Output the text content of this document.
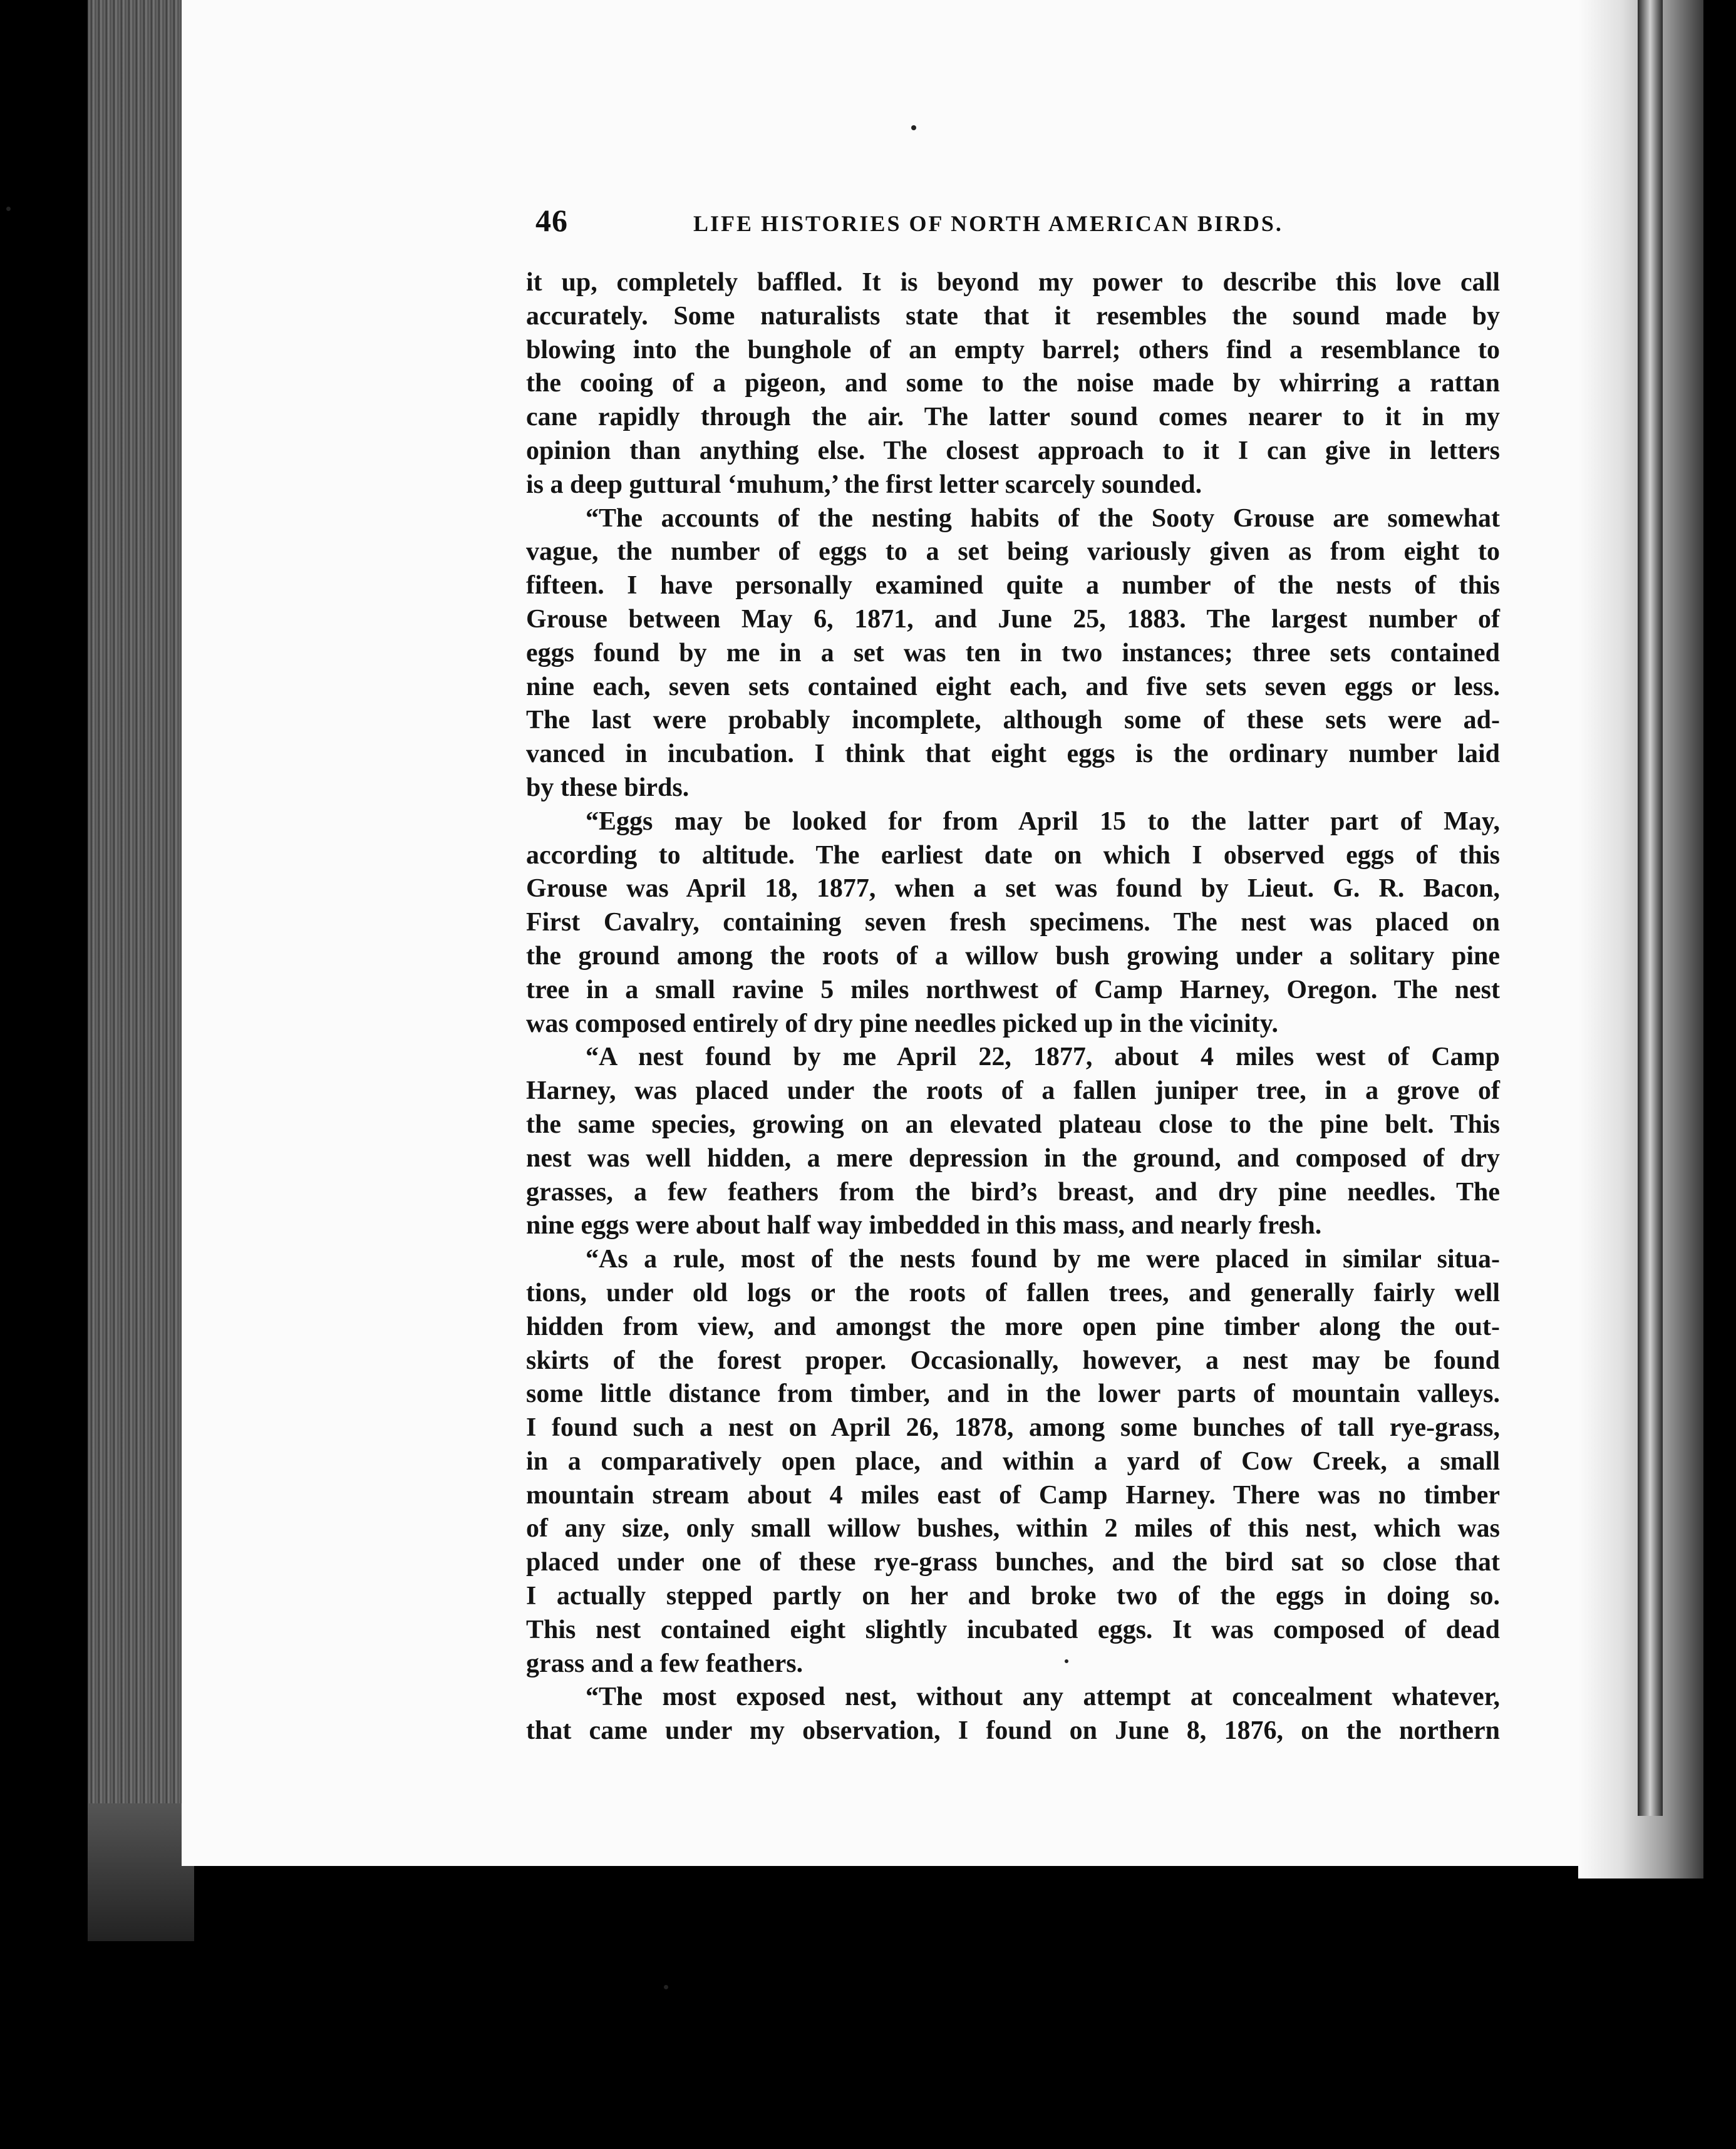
46	LIFE HISTORIES OF NORTH AMERICAN BIRDS.
it up, completely baffled. It is beyond my power to describe this love call
accurately. Some naturalists state that it resembles the sound made by
blowing into the bunghole of an empty barrel; others find a resemblance to
the cooing of a pigeon, and some to the noise made by whirring a rattan
cane rapidly through the air. The latter sound comes nearer to it in my
opinion than anything else. The closest approach to it I can give in letters
is a deep guttural ‘muhum,’ the first letter scarcely sounded.
“The accounts of the nesting habits of the Sooty Grouse are somewhat
vague, the number of eggs to a set being variously given as from eight to
fifteen. I have personally examined quite a number of the nests of this
Grouse between May 6, 1871, and June 25, 1883. The largest number of
eggs found by me in a set was ten in two instances; three sets contained
nine each, seven sets contained eight each, and five sets seven eggs or less.
The last were probably incomplete, although some of these sets were ad-
vanced in incubation. I think that eight eggs is the ordinary number laid
by these birds.
“Eggs may be looked for from April 15 to the latter part of May,
according to altitude. The earliest date on which I observed eggs of this
Grouse was April 18, 1877, when a set was found by Lieut. G. R. Bacon,
First Cavalry, containing seven fresh specimens. The nest was placed on
the ground among the roots of a willow bush growing under a solitary pine
tree in a small ravine 5 miles northwest of Camp Harney, Oregon. The nest
was composed entirely of dry pine needles picked up in the vicinity.
“A nest found by me April 22, 1877, about 4 miles west of Camp
Harney, was placed under the roots of a fallen juniper tree, in a grove of
the same species, growing on an elevated plateau close to the pine belt. This
nest was well hidden, a mere depression in the ground, and composed of dry
grasses, a few feathers from the bird’s breast, and dry pine needles. The
nine eggs were about half way imbedded in this mass, and nearly fresh.
“As a rule, most of the nests found by me were placed in similar situa-
tions, under old logs or the roots of fallen trees, and generally fairly well
hidden from view, and amongst the more open pine timber along the out-
skirts of the forest proper. Occasionally, however, a nest may be found
some little distance from timber, and in the lower parts of mountain valleys.
I found such a nest on April 26, 1878, among some bunches of tall rye-grass,
in a comparatively open place, and within a yard of Cow Creek, a small
mountain stream about 4 miles east of Camp Harney. There was no timber
of any size, only small willow bushes, within 2 miles of this nest, which was
placed under one of these rye-grass bunches, and the bird sat so close that
I actually stepped partly on her and broke two of the eggs in doing so.
This nest contained eight slightly incubated eggs. It was composed of dead
grass and a few feathers.
“The most exposed nest, without any attempt at concealment whatever,
that came under my observation, I found on June 8, 1876, on the northern
